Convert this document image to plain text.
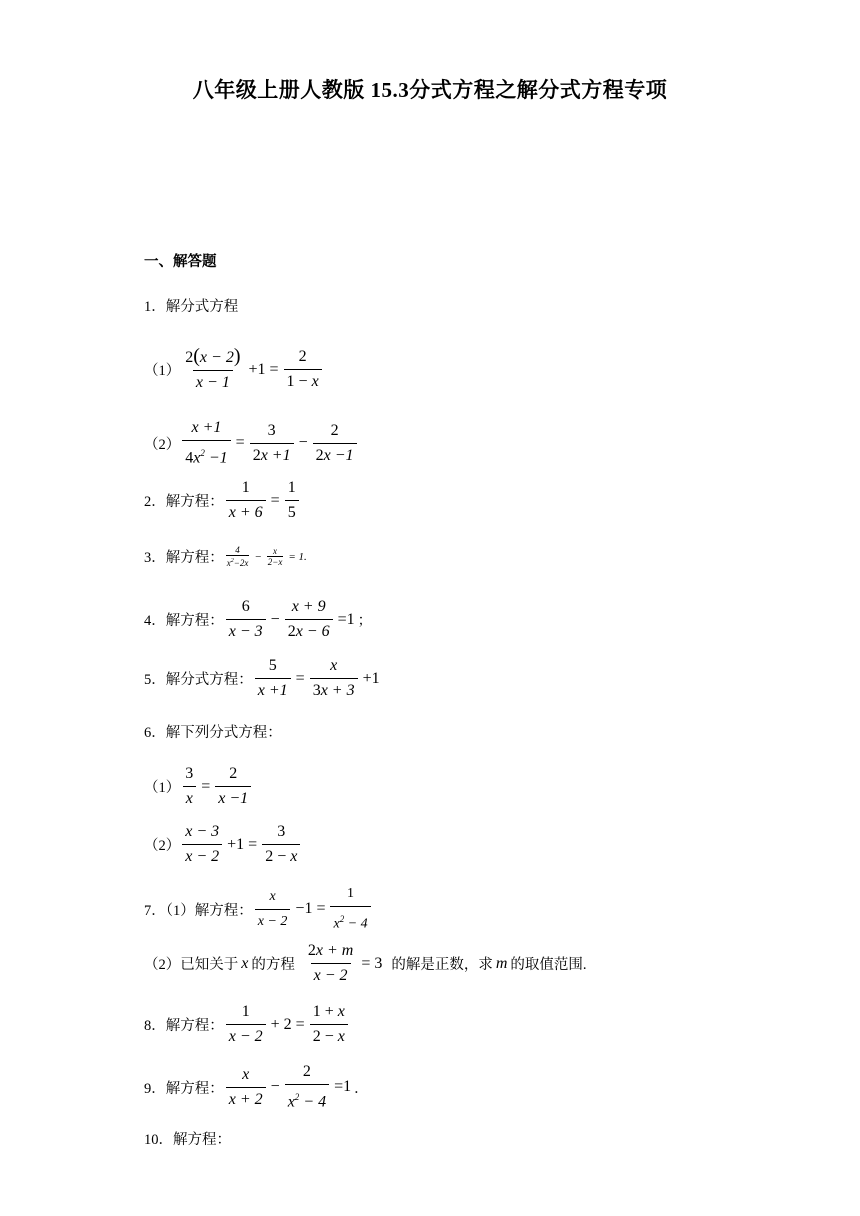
八年级上册人教版 15.3分式方程之解分式方程专项
一、解答题
1．解分式方程
$(1) \frac{2(x - 2)}{x - 1} +1 = \frac{2}{1 - x}$
$(2) \frac{x +1}{4x^2 -1} = \frac{3}{2x +1} - \frac{2}{2x -1}$
2．解方程： $\frac{1}{x + 6} = \frac{1}{5}$
3．解方程： $\frac{4}{x^2-2x} - \frac{x}{2-x} = 1$.
4．解方程： $\frac{6}{x - 3} - \frac{x + 9}{2x - 6} =1$ ；
5．解分式方程： $\frac{5}{x +1} = \frac{x}{3x + 3} +1$
6．解下列分式方程：
$(1) \frac{3}{x} = \frac{2}{x -1}$
$(2) \frac{x - 3}{x - 2} +1 = \frac{3}{2 - x}$
7．（1）解方程： $\frac{x}{x - 2} -1 = \frac{1}{x^2 - 4}$
（2）已知关于 x 的方程 $\frac{2x + m}{x - 2} = 3$ 的解是正数，求 m 的取值范围.
8．解方程： $\frac{1}{x - 2} + 2 = \frac{1 + x}{2 - x}$
9．解方程： $\frac{x}{x + 2} - \frac{2}{x^2 - 4} =1$ ．
10．解方程：
